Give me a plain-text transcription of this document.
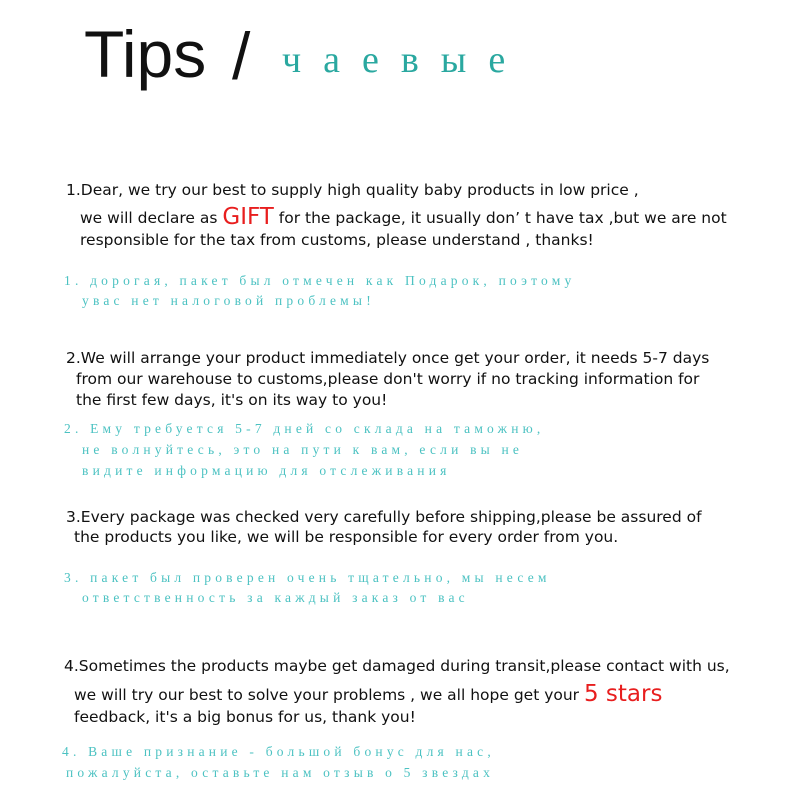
Tips / чаевые
1.Dear, we try our best to supply high quality baby products in low price ,
we will declare as GIFT for the package, it usually don’ t have tax ,but we are not
responsible for the tax from customs, please understand , thanks!
1. дорогая, пакет был отмечен как Подарок, поэтому
увас нет налоговой проблемы!
2.We will arrange your product immediately once get your order, it needs 5-7 days
from our warehouse to customs,please don't worry if no tracking information for
the first few days, it's on its way to you!
2. Ему требуется 5-7 дней со склада на таможню,
не волнуйтесь, это на пути к вам, если вы не
видите информацию для отслеживания
3.Every package was checked very carefully before shipping,please be assured of
the products you like, we will be responsible for every order from you.
3. пакет был проверен очень тщательно, мы несем
ответственность за каждый заказ от вас
4.Sometimes the products maybe get damaged during transit,please contact with us,
we will try our best to solve your problems , we all hope get your 5 stars
feedback, it's a big bonus for us, thank you!
4. Ваше признание - большой бонус для нас,
пожалуйста, оставьте нам отзыв о 5 звездах
